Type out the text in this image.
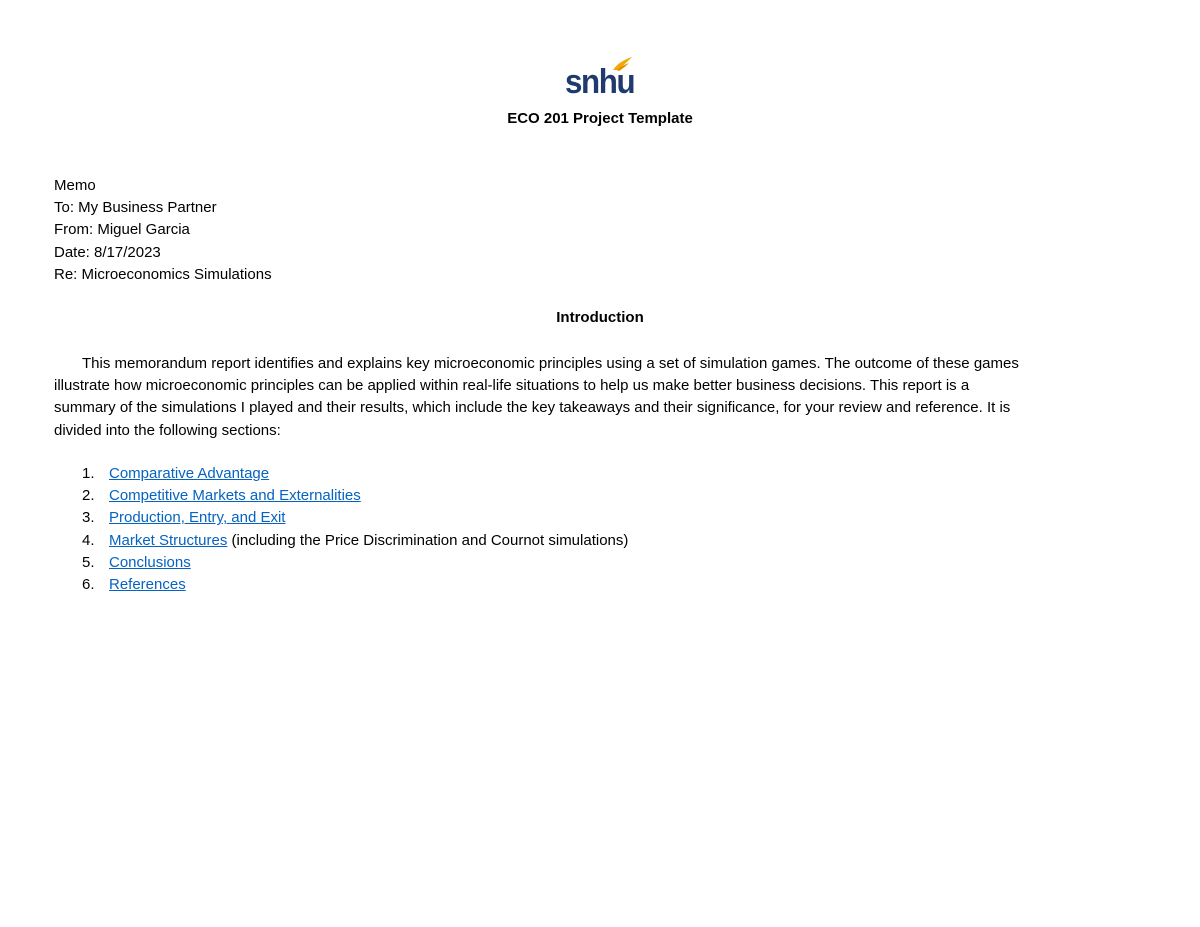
snhu
ECO 201 Project Template
Memo
To: My Business Partner
From: Miguel Garcia
Date: 8/17/2023
Re: Microeconomics Simulations
Introduction
This memorandum report identifies and explains key microeconomic principles using a set of simulation games. The outcome of these games
illustrate how microeconomic principles can be applied within real-life situations to help us make better business decisions. This report is a
summary of the simulations I played and their results, which include the key takeaways and their significance, for your review and reference. It is
divided into the following sections:
1. Comparative Advantage
2. Competitive Markets and Externalities
3. Production, Entry, and Exit
4. Market Structures (including the Price Discrimination and Cournot simulations)
5. Conclusions
6. References
